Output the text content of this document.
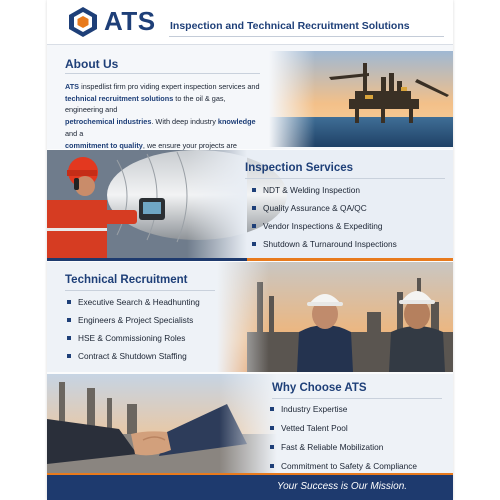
ATS Inspection and Technical Recruitment Solutions
About Us
ATS inspedlist firm pro viding expert inspection services and
technical recruitment solutions to the oil & gas, engineering and
petrochemical industries. With deep industry knowledge and a
commitment to quality, we ensure your projects are
Inspection Services
NDT & Welding Inspection
Quality Assurance & QA/QC
Vendor Inspections & Expediting
Shutdown & Turnaround Inspections
Technical Recruitment
Executive Search & Headhunting
Engineers & Project Specialists
HSE & Commissioning Roles
Contract & Shutdown Staffing
Why Choose ATS
Industry Expertise
Vetted Talent Pool
Fast & Reliable Mobilization
Commitment to Safety & Compliance
Your Success is Our Mission.
